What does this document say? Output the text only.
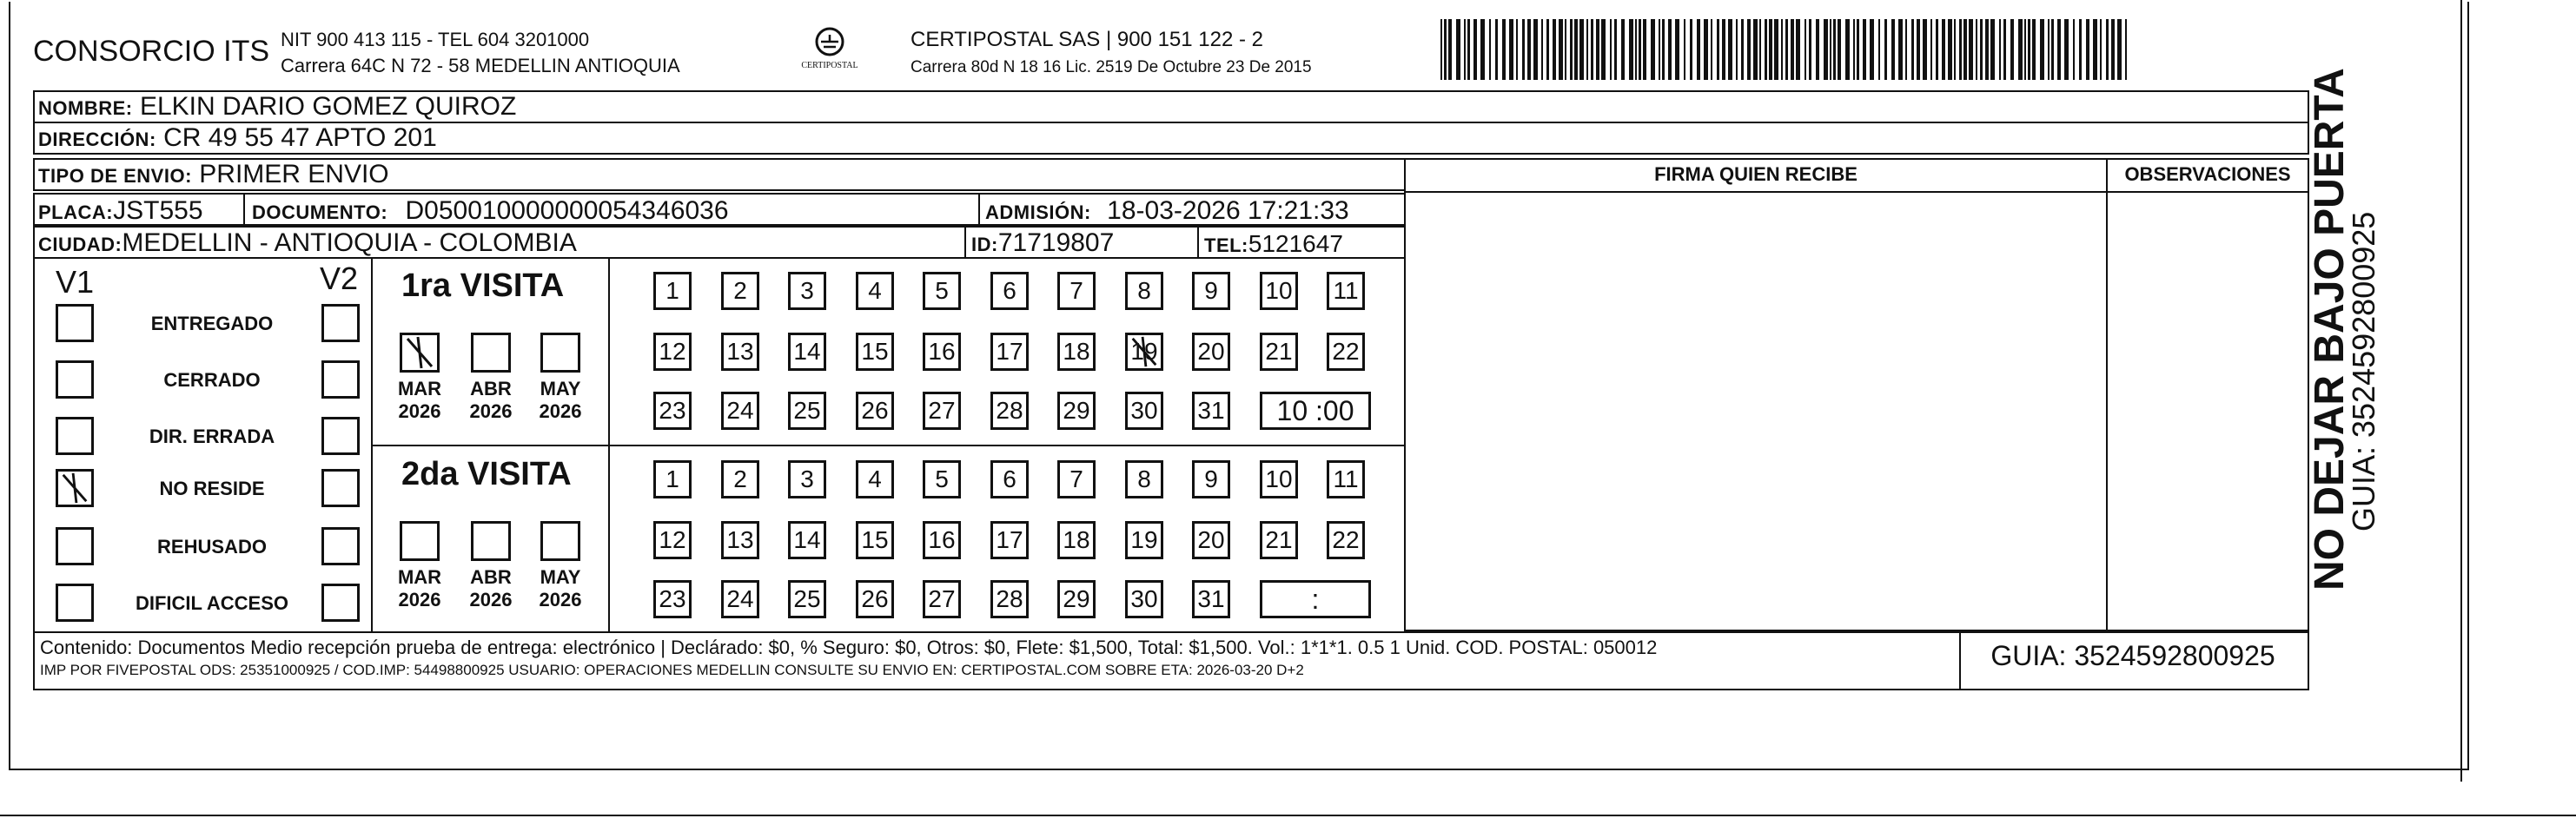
CONSORCIO ITS NIT 900 413 115 - TEL 604 3201000
Carrera 64C N 72 - 58 MEDELLIN ANTIOQUIA	CERTIPOSTAL
CERTIPOSTAL SAS | 900 151 122 - 2
Carrera 80d N 18 16 Lic. 2519 De Octubre 23 De 2015
NOMBRE: ELKIN DARIO GOMEZ QUIROZ
DIRECCIÓN: CR 49 55 47 APTO 201
TIPO DE ENVIO: PRIMER ENVIO
PLACA:JST555	DOCUMENTO: D050010000000054346036	ADMISIÓN: 18-03-2026 17:21:33
CIUDAD:MEDELLIN - ANTIOQUIA - COLOMBIA	ID:71719807	TEL:5121647
FIRMA QUIEN RECIBE	OBSERVACIONES
V1	V2
ENTREGADO
CERRADO
DIR. ERRADA
NO RESIDE
REHUSADO
DIFICIL ACCESO
1ra VISITA
MAR
2026
ABR
2026
MAY
2026
1	2	3	4	5	6	7	8	9	10 11
12 13 14 15 16 17 18 19 20 21 22
23 24 25 26 27 28 29 30 31	10 :00
2da VISITA
MAR
2026
ABR
2026
MAY
2026
1	2	3	4	5	6	7	8	9	10 11
12 13 14 15 16 17 18 19 20 21 22
23 24 25 26 27 28 29 30 31	:
Contenido: Documentos Medio recepción prueba de entrega: electrónico | Declárado: $0, % Seguro: $0, Otros: $0, Flete: $1,500, Total: $1,500. Vol.: 1*1*1. 0.5 1 Unid. COD. POSTAL: 050012
IMP POR FIVEPOSTAL ODS: 25351000925 / COD.IMP: 54498800925 USUARIO: OPERACIONES MEDELLIN CONSULTE SU ENVIO EN: CERTIPOSTAL.COM SOBRE ETA: 2026-03-20 D+2	GUIA: 3524592800925
NO DEJAR BAJO PUERTA
GUIA: 3524592800925
